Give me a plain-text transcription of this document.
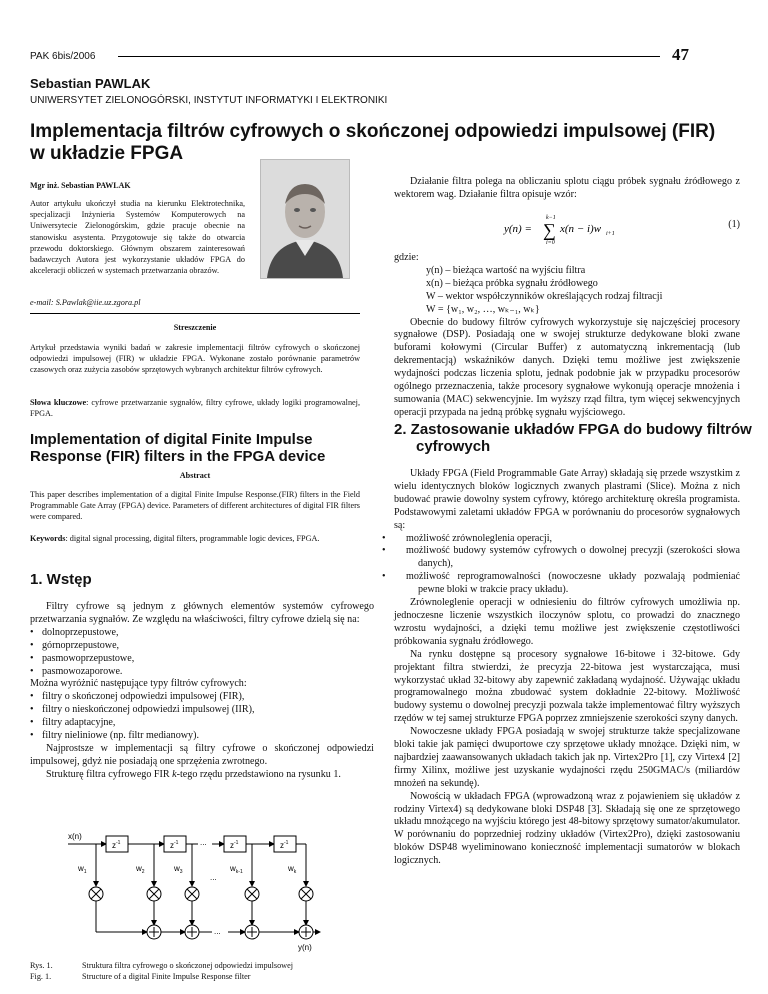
PAK 6bis/2006	47
Sebastian PAWLAK
UNIWERSYTET ZIELONOGÓRSKI, INSTYTUT INFORMATYKI I ELEKTRONIKI
Implementacja filtrów cyfrowych o skończonej odpowiedzi impulsowej (FIR) w układzie FPGA
Mgr inż. Sebastian PAWLAK
Autor artykułu ukończył studia na kierunku Elektrotechnika, specjalizacji Inżynieria Systemów Komputerowych na Uniwersytecie Zielonogórskim, gdzie pracuje obecnie na stanowisku asystenta. Przygotowuje się także do otwarcia przewodu doktorskiego. Głównym obszarem zainteresowań badawczych Autora jest wykorzystanie układów FPGA do akceleracji obliczeń w systemach przetwarzania obrazów.
e-mail: S.Pawlak@iie.uz.zgora.pl
Streszczenie
Artykuł przedstawia wyniki badań w zakresie implementacji filtrów cyfrowych o skończonej odpowiedzi impulsowej (FIR) w układzie FPGA. Wykonane zostało porównanie parametrów czasowych oraz zużycia zasobów sprzętowych wybranych architektur filtrów cyfrowych.
Słowa kluczowe: cyfrowe przetwarzanie sygnałów, filtry cyfrowe, układy logiki programowalnej, FPGA.
Implementation of digital Finite Impulse Response (FIR) filters in the FPGA device
Abstract
This paper describes implementation of a digital Finite Impulse Response.(FIR) filters in the Field Programmable Gate Array (FPGA) device. Parameters of different architectures of digital FIR filters were compared.
Keywords: digital signal processing, digital filters, programmable logic devices, FPGA.
1. Wstęp
Filtry cyfrowe są jednym z głównych elementów systemów cyfrowego przetwarzania sygnałów. Ze względu na właściwości, filtry cyfrowe dzielą się na:
• dolnoprzepustowe,
• górnoprzepustowe,
• pasmowoprzepustowe,
• pasmowozaporowe.
Można wyróżnić następujące typy filtrów cyfrowych:
• filtry o skończonej odpowiedzi impulsowej (FIR),
• filtry o nieskończonej odpowiedzi impulsowej (IIR),
• filtry adaptacyjne,
• filtry nieliniowe (np. filtr medianowy).
Najprostsze w implementacji są filtry cyfrowe o skończonej odpowiedzi impulsowej, gdyż nie posiadają one sprzężenia zwrotnego.
Strukturę filtra cyfrowego FIR k-tego rzędu przedstawiono na rysunku 1.
x(n)
$z^{-1}$	$z^{-1}$	...	$z^{-1}$	$z^{-1}$
$w_1$	$w_2$	$w_3$	$w_{k-1}$	$w_k$
...
...
y(n)
Rys. 1.	Struktura filtra cyfrowego o skończonej odpowiedzi impulsowej
Fig. 1.	Structure of a digital Finite Impulse Response filter
Działanie filtra polega na obliczaniu splotu ciągu próbek sygnału źródłowego z wektorem wag. Działanie filtra opisuje wzór:
y(n) =
k−1
∑
i=0
x(n − i)w i+1
(1)
gdzie:
y(n) – bieżąca wartość na wyjściu filtra
x(n) – bieżąca próbka sygnału źródłowego
W – wektor współczynników określających rodzaj filtracji
W = {w₁, w₂, …, wₖ₋₁, wₖ}
Obecnie do budowy filtrów cyfrowych wykorzystuje się najczęściej procesory sygnałowe (DSP). Posiadają one w swojej strukturze dedykowane bloki zwane buforami kołowymi (Circular Buffer) z automatyczną inkrementacją (lub dekrementacją) wskaźników danych. Dzięki temu możliwe jest zwiększenie wydajności podczas liczenia splotu, jednak podobnie jak w przypadku procesorów ogólnego przeznaczenia, także procesory sygnałowe wykonują operacje mnożenia i sumowania (MAC) sekwencyjnie. Im wyższy rząd filtra, tym więcej sekwencyjnych operacji przypada na jedną próbkę sygnału wyjściowego.
2. Zastosowanie układów FPGA do budowy filtrów cyfrowych
Układy FPGA (Field Programmable Gate Array) składają się przede wszystkim z wielu identycznych bloków logicznych zwanych plastrami (Slice). Można z nich budować prawie dowolny system cyfrowy, którego architekturę określa programista. Podstawowymi zaletami układów FPGA w porównaniu do procesorów sygnałowych są:
• możliwość zrównoleglenia operacji,
• możliwość budowy systemów cyfrowych o dowolnej precyzji (szerokości słowa danych),
• możliwość reprogramowalności (nowoczesne układy pozwalają podmieniać pewne bloki w trakcie pracy układu).
Zrównoleglenie operacji w odniesieniu do filtrów cyfrowych umożliwia np. jednoczesne liczenie wszystkich iloczynów splotu, co prowadzi do znacznego wzrostu wydajności, a dzięki temu możliwe jest zwiększenie częstotliwości próbkowania sygnału źródłowego.
Na rynku dostępne są procesory sygnałowe 16-bitowe i 32-bitowe. Gdy projektant filtra stwierdzi, że precyzja 22-bitowa jest wystarczająca, musi wykorzystać układ 32-bitowy aby zapewnić zakładaną wydajność. Używając układu programowalnego można zbudować system dokładnie 22-bitowy. Możliwość budowy systemu o dowolnej precyzji pozwala także implementować filtry wyższych rzędów w tej samej strukturze FPGA poprzez zmniejszenie szerokości szyny danych.
Nowoczesne układy FPGA posiadają w swojej strukturze także specjalizowane bloki takie jak pamięci dwuportowe czy sprzętowe układy mnożące. Dzięki nim, w najbardziej zaawansowanych układach takich jak np. Virtex2Pro [1], czy Virtex4 [2] firmy Xilinx, możliwe jest uzyskanie wydajności rzędu 250GMAC/s (miliardów mnożeń na sekundę).
Nowością w układach FPGA (wprowadzoną wraz z pojawieniem się układów z rodziny Virtex4) są dedykowane bloki DSP48 [3]. Składają się one ze sprzętowego układu mnożącego na wyjściu którego jest 48-bitowy sprzętowy sumator/akumulator. W porównaniu do poprzedniej rodziny układów (Virtex2Pro), dzięki zastosowaniu bloków DSP48 wyeliminowano konieczność implementacji sumatorów w blokach logicznych.
